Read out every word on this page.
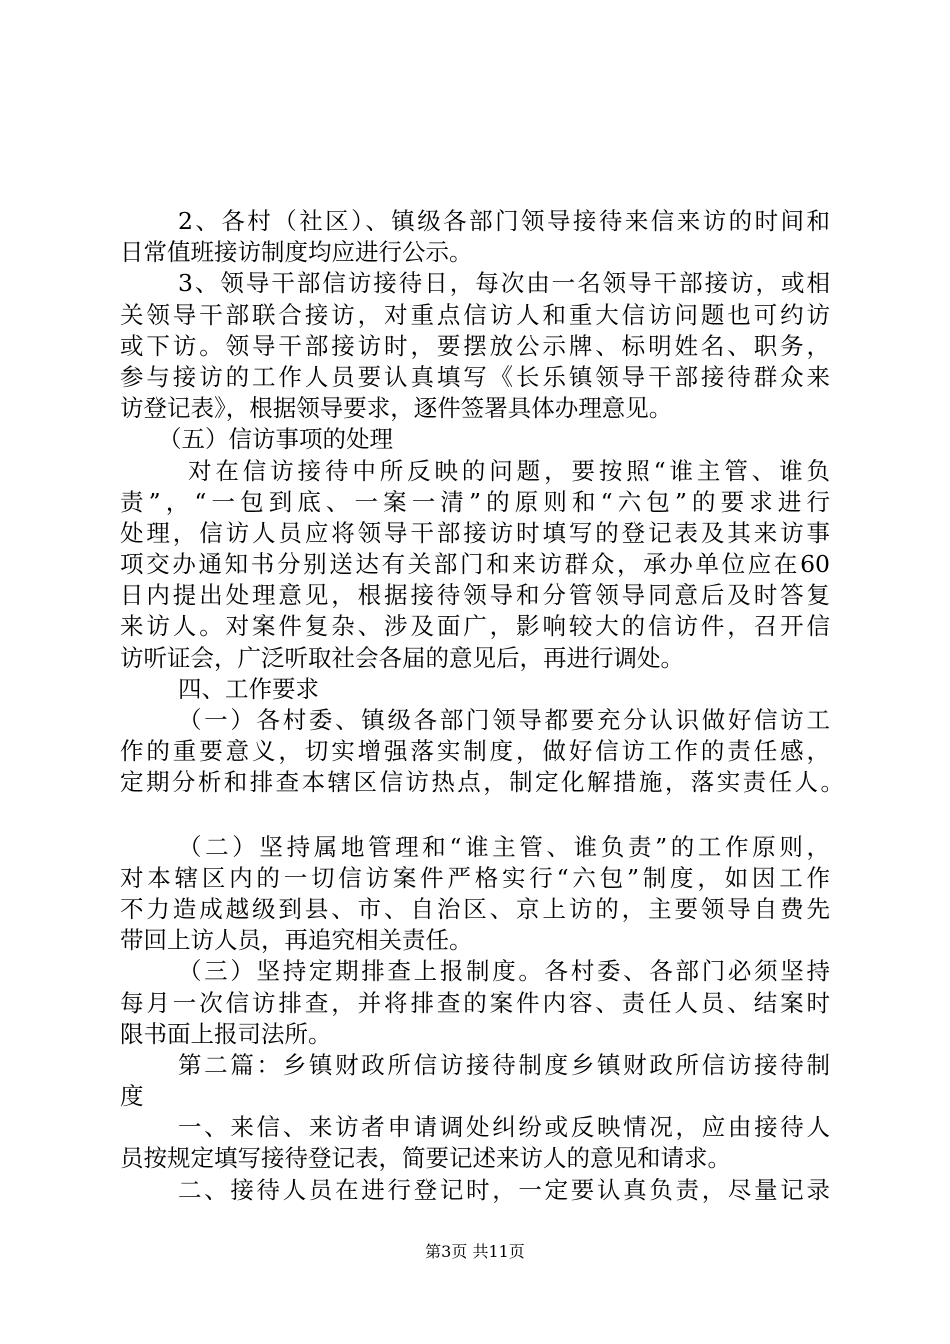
2、各村（社区）、镇级各部门领导接待来信来访的时间和
日常值班接访制度均应进行公示。
3、领导干部信访接待日，每次由一名领导干部接访，或相
关领导干部联合接访，对重点信访人和重大信访问题也可约访
或下访。领导干部接访时，要摆放公示牌、标明姓名、职务，
参与接访的工作人员要认真填写《长乐镇领导干部接待群众来
访登记表》，根据领导要求，逐件签署具体办理意见。
（五）信访事项的处理
对在信访接待中所反映的问题，要按照“谁主管、谁负
责”，“一包到底、一案一清”的原则和“六包”的要求进行
处理，信访人员应将领导干部接访时填写的登记表及其来访事
项交办通知书分别送达有关部门和来访群众，承办单位应在60
日内提出处理意见，根据接待领导和分管领导同意后及时答复
来访人。对案件复杂、涉及面广，影响较大的信访件，召开信
访听证会，广泛听取社会各届的意见后，再进行调处。
四、工作要求
（一）各村委、镇级各部门领导都要充分认识做好信访工
作的重要意义，切实增强落实制度，做好信访工作的责任感，
定期分析和排查本辖区信访热点，制定化解措施，落实责任人。
（二）坚持属地管理和“谁主管、谁负责”的工作原则，
对本辖区内的一切信访案件严格实行“六包”制度，如因工作
不力造成越级到县、市、自治区、京上访的，主要领导自费先
带回上访人员，再追究相关责任。
（三）坚持定期排查上报制度。各村委、各部门必须坚持
每月一次信访排查，并将排查的案件内容、责任人员、结案时
限书面上报司法所。
第二篇：乡镇财政所信访接待制度乡镇财政所信访接待制
度
一、来信、来访者申请调处纠纷或反映情况，应由接待人
员按规定填写接待登记表，简要记述来访人的意见和请求。
二、接待人员在进行登记时，一定要认真负责，尽量记录
第3页 共11页
